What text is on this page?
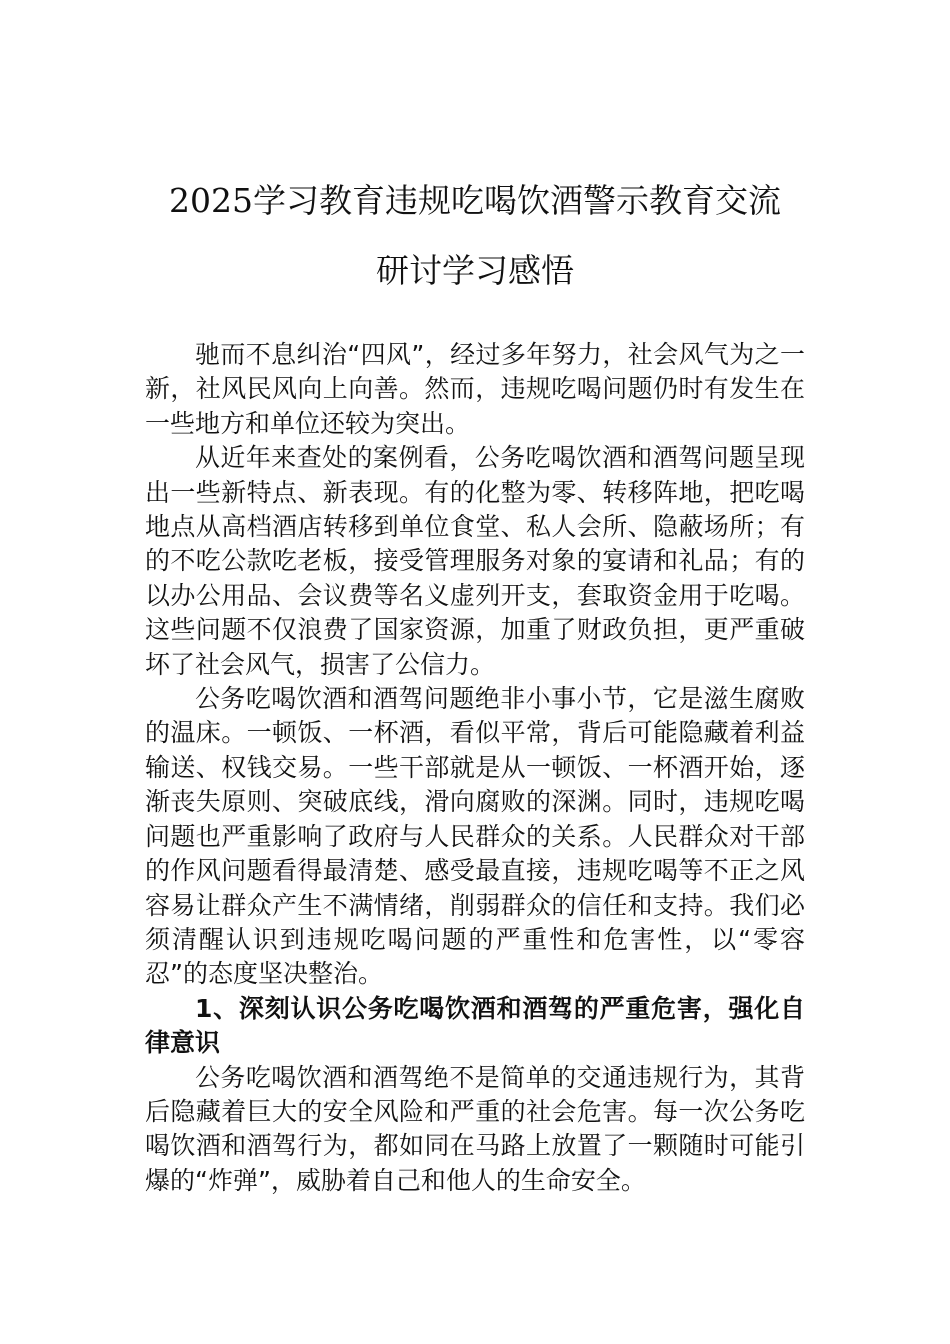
2025学习教育违规吃喝饮酒警示教育交流
研讨学习感悟

驰而不息纠治“四风”，经过多年努力，社会风气为之一新，社风民风向上向善。然而，违规吃喝问题仍时有发生在一些地方和单位还较为突出。

从近年来查处的案例看，公务吃喝饮酒和酒驾问题呈现出一些新特点、新表现。有的化整为零、转移阵地，把吃喝地点从高档酒店转移到单位食堂、私人会所、隐蔽场所；有的不吃公款吃老板，接受管理服务对象的宴请和礼品；有的以办公用品、会议费等名义虚列开支，套取资金用于吃喝。这些问题不仅浪费了国家资源，加重了财政负担，更严重破坏了社会风气，损害了公信力。

公务吃喝饮酒和酒驾问题绝非小事小节，它是滋生腐败的温床。一顿饭、一杯酒，看似平常，背后可能隐藏着利益输送、权钱交易。一些干部就是从一顿饭、一杯酒开始，逐渐丧失原则、突破底线，滑向腐败的深渊。同时，违规吃喝问题也严重影响了政府与人民群众的关系。人民群众对干部的作风问题看得最清楚、感受最直接，违规吃喝等不正之风容易让群众产生不满情绪，削弱群众的信任和支持。我们必须清醒认识到违规吃喝问题的严重性和危害性，以“零容忍”的态度坚决整治。

1、深刻认识公务吃喝饮酒和酒驾的严重危害，强化自律意识

公务吃喝饮酒和酒驾绝不是简单的交通违规行为，其背后隐藏着巨大的安全风险和严重的社会危害。每一次公务吃喝饮酒和酒驾行为，都如同在马路上放置了一颗随时可能引爆的“炸弹”，威胁着自己和他人的生命安全。
